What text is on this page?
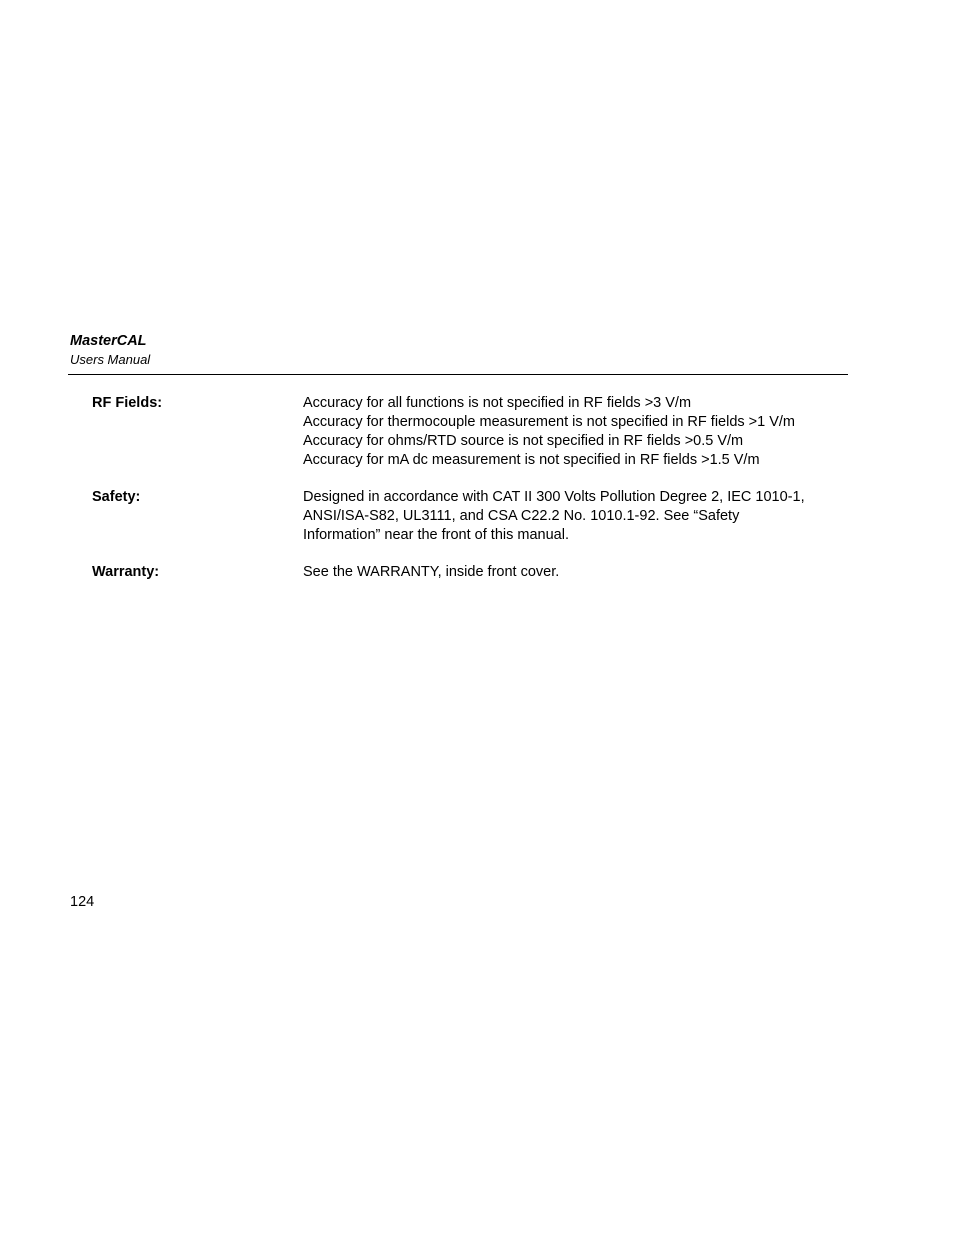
MasterCAL
Users Manual
RF Fields:	Accuracy for all functions is not specified in RF fields >3 V/m
Accuracy for thermocouple measurement is not specified in RF fields >1 V/m
Accuracy for ohms/RTD source is not specified in RF fields >0.5 V/m
Accuracy for mA dc measurement is not specified in RF fields >1.5 V/m
Safety:	Designed in accordance with CAT II 300 Volts Pollution Degree 2, IEC 1010-1,
ANSI/ISA-S82, UL3111, and CSA C22.2 No. 1010.1-92. See “Safety
Information” near the front of this manual.
Warranty:	See the WARRANTY, inside front cover.
124
